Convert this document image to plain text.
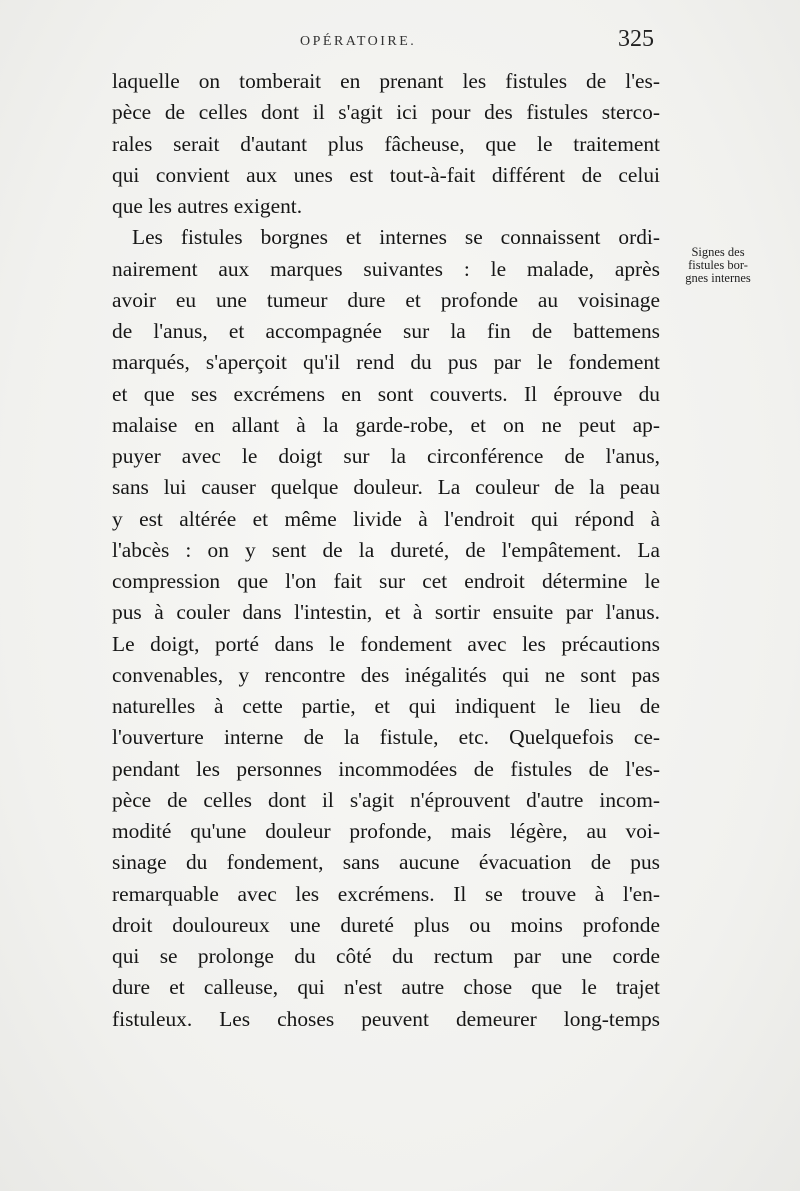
OPÉRATOIRE.	325
laquelle on tomberait en prenant les fistules de l'es-
pèce de celles dont il s'agit ici pour des fistules sterco-
rales serait d'autant plus fâcheuse, que le traitement
qui convient aux unes est tout-à-fait différent de celui
que les autres exigent.
Les fistules borgnes et internes se connaissent ordi-
nairement aux marques suivantes : le malade, après
avoir eu une tumeur dure et profonde au voisinage
de l'anus, et accompagnée sur la fin de battemens
marqués, s'aperçoit qu'il rend du pus par le fondement
et que ses excrémens en sont couverts. Il éprouve du
malaise en allant à la garde-robe, et on ne peut ap-
puyer avec le doigt sur la circonférence de l'anus,
sans lui causer quelque douleur. La couleur de la peau
y est altérée et même livide à l'endroit qui répond à
l'abcès : on y sent de la dureté, de l'empâtement. La
compression que l'on fait sur cet endroit détermine le
pus à couler dans l'intestin, et à sortir ensuite par l'anus.
Le doigt, porté dans le fondement avec les précautions
convenables, y rencontre des inégalités qui ne sont pas
naturelles à cette partie, et qui indiquent le lieu de
l'ouverture interne de la fistule, etc. Quelquefois ce-
pendant les personnes incommodées de fistules de l'es-
pèce de celles dont il s'agit n'éprouvent d'autre incom-
modité qu'une douleur profonde, mais légère, au voi-
sinage du fondement, sans aucune évacuation de pus
remarquable avec les excrémens. Il se trouve à l'en-
droit douloureux une dureté plus ou moins profonde
qui se prolonge du côté du rectum par une corde
dure et calleuse, qui n'est autre chose que le trajet
fistuleux. Les choses peuvent demeurer long-temps
Signes des
fistules bor-
gnes internes
